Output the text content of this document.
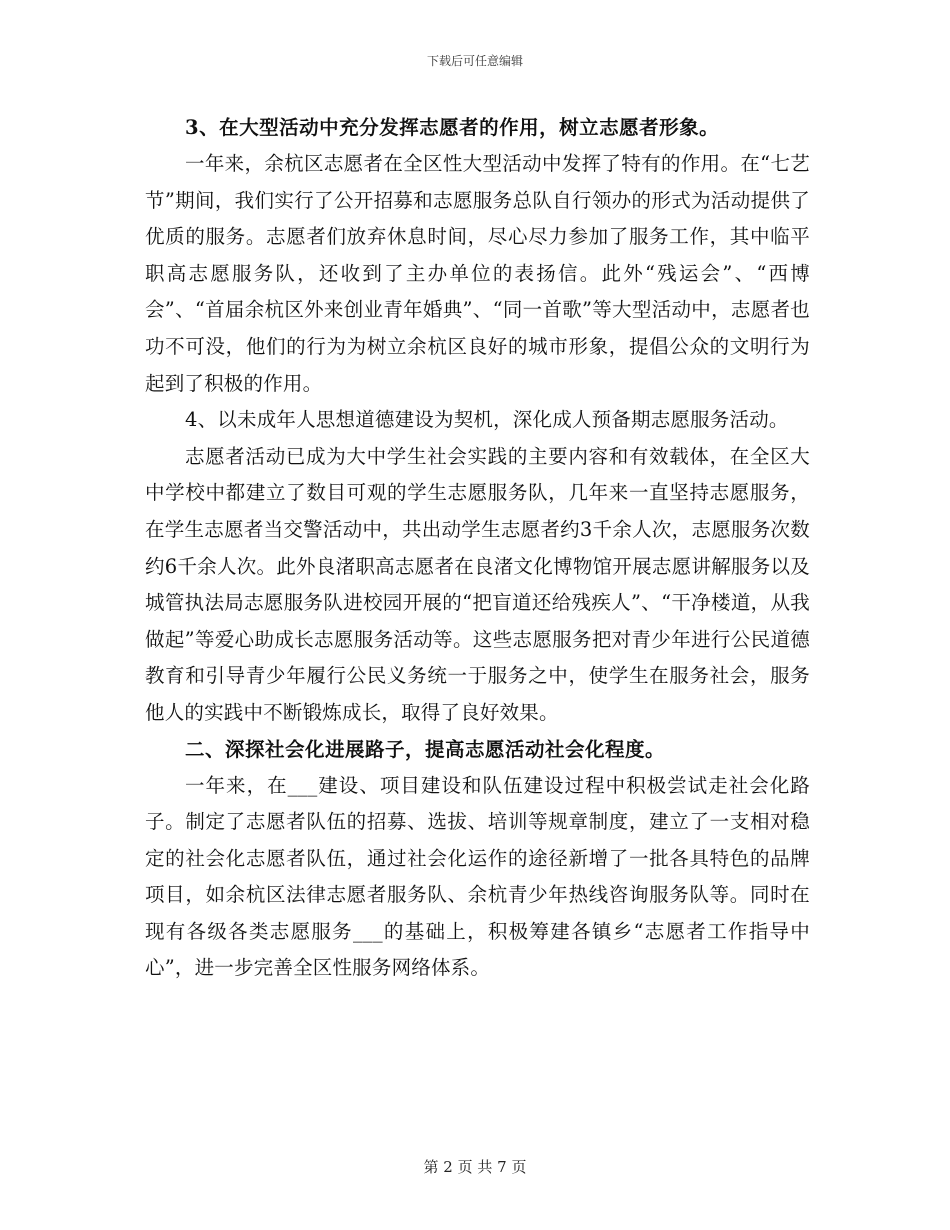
下载后可任意编辑

3、在大型活动中充分发挥志愿者的作用，树立志愿者形象。

一年来，余杭区志愿者在全区性大型活动中发挥了特有的作用。在“七艺节”期间，我们实行了公开招募和志愿服务总队自行领办的形式为活动提供了优质的服务。志愿者们放弃休息时间，尽心尽力参加了服务工作，其中临平职高志愿服务队，还收到了主办单位的表扬信。此外“残运会”、“西博会”、“首届余杭区外来创业青年婚典”、“同一首歌”等大型活动中，志愿者也功不可没，他们的行为为树立余杭区良好的城市形象，提倡公众的文明行为起到了积极的作用。

4、以未成年人思想道德建设为契机，深化成人预备期志愿服务活动。

志愿者活动已成为大中学生社会实践的主要内容和有效载体，在全区大中学校中都建立了数目可观的学生志愿服务队，几年来一直坚持志愿服务，在学生志愿者当交警活动中，共出动学生志愿者约3千余人次，志愿服务次数约6千余人次。此外良渚职高志愿者在良渚文化博物馆开展志愿讲解服务以及城管执法局志愿服务队进校园开展的“把盲道还给残疾人”、“干净楼道，从我做起”等爱心助成长志愿服务活动等。这些志愿服务把对青少年进行公民道德教育和引导青少年履行公民义务统一于服务之中，使学生在服务社会，服务他人的实践中不断锻炼成长，取得了良好效果。

二、深探社会化进展路子，提高志愿活动社会化程度。

一年来，在___建设、项目建设和队伍建设过程中积极尝试走社会化路子。制定了志愿者队伍的招募、选拔、培训等规章制度，建立了一支相对稳定的社会化志愿者队伍，通过社会化运作的途径新增了一批各具特色的品牌项目，如余杭区法律志愿者服务队、余杭青少年热线咨询服务队等。同时在现有各级各类志愿服务___的基础上，积极筹建各镇乡“志愿者工作指导中心”，进一步完善全区性服务网络体系。

第 2 页 共 7 页
